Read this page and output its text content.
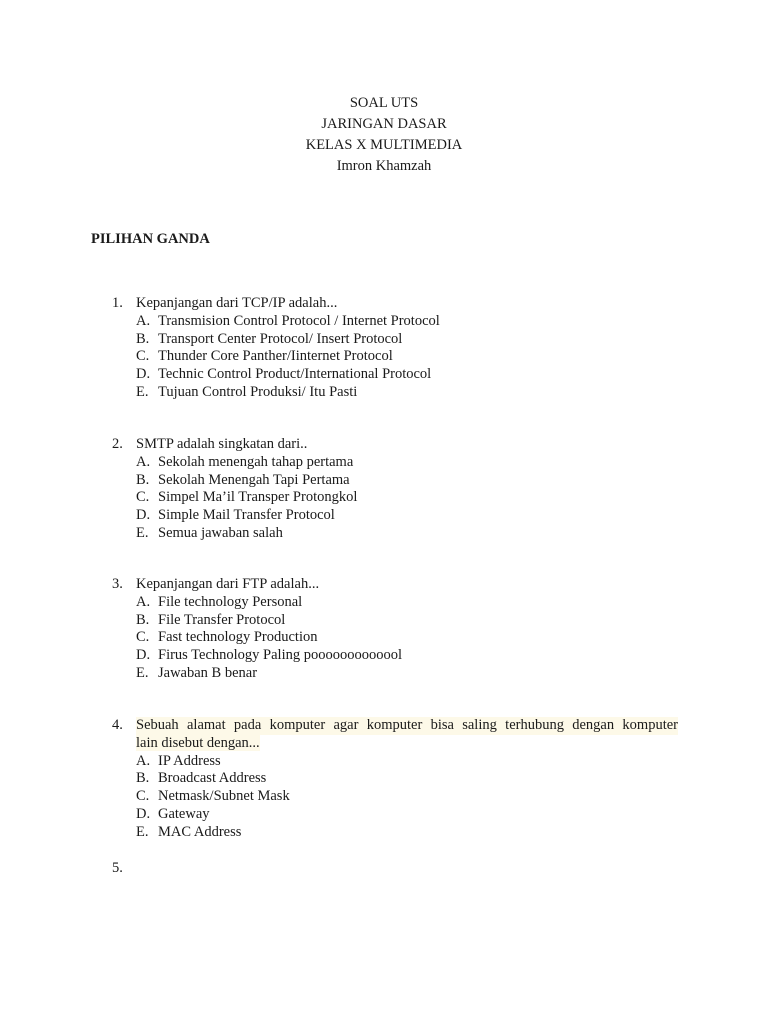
SOAL UTS
JARINGAN DASAR
KELAS X MULTIMEDIA
Imron Khamzah
PILIHAN GANDA
1. Kepanjangan dari TCP/IP adalah...
A. Transmision Control Protocol / Internet Protocol
B. Transport Center Protocol/ Insert Protocol
C. Thunder Core Panther/Iinternet Protocol
D. Technic Control Product/International Protocol
E. Tujuan Control Produksi/ Itu Pasti
2. SMTP adalah singkatan dari..
A. Sekolah menengah tahap pertama
B. Sekolah Menengah Tapi Pertama
C. Simpel Ma’il Transper Protongkol
D. Simple Mail Transfer Protocol
E. Semua jawaban salah
3. Kepanjangan dari FTP adalah...
A. File technology Personal
B. File Transfer Protocol
C. Fast technology Production
D. Firus Technology Paling pooooooooooool
E. Jawaban B benar
4. Sebuah alamat pada komputer agar komputer bisa saling terhubung dengan komputer
lain disebut dengan...
A. IP Address
B. Broadcast Address
C. Netmask/Subnet Mask
D. Gateway
E. MAC Address
5.
